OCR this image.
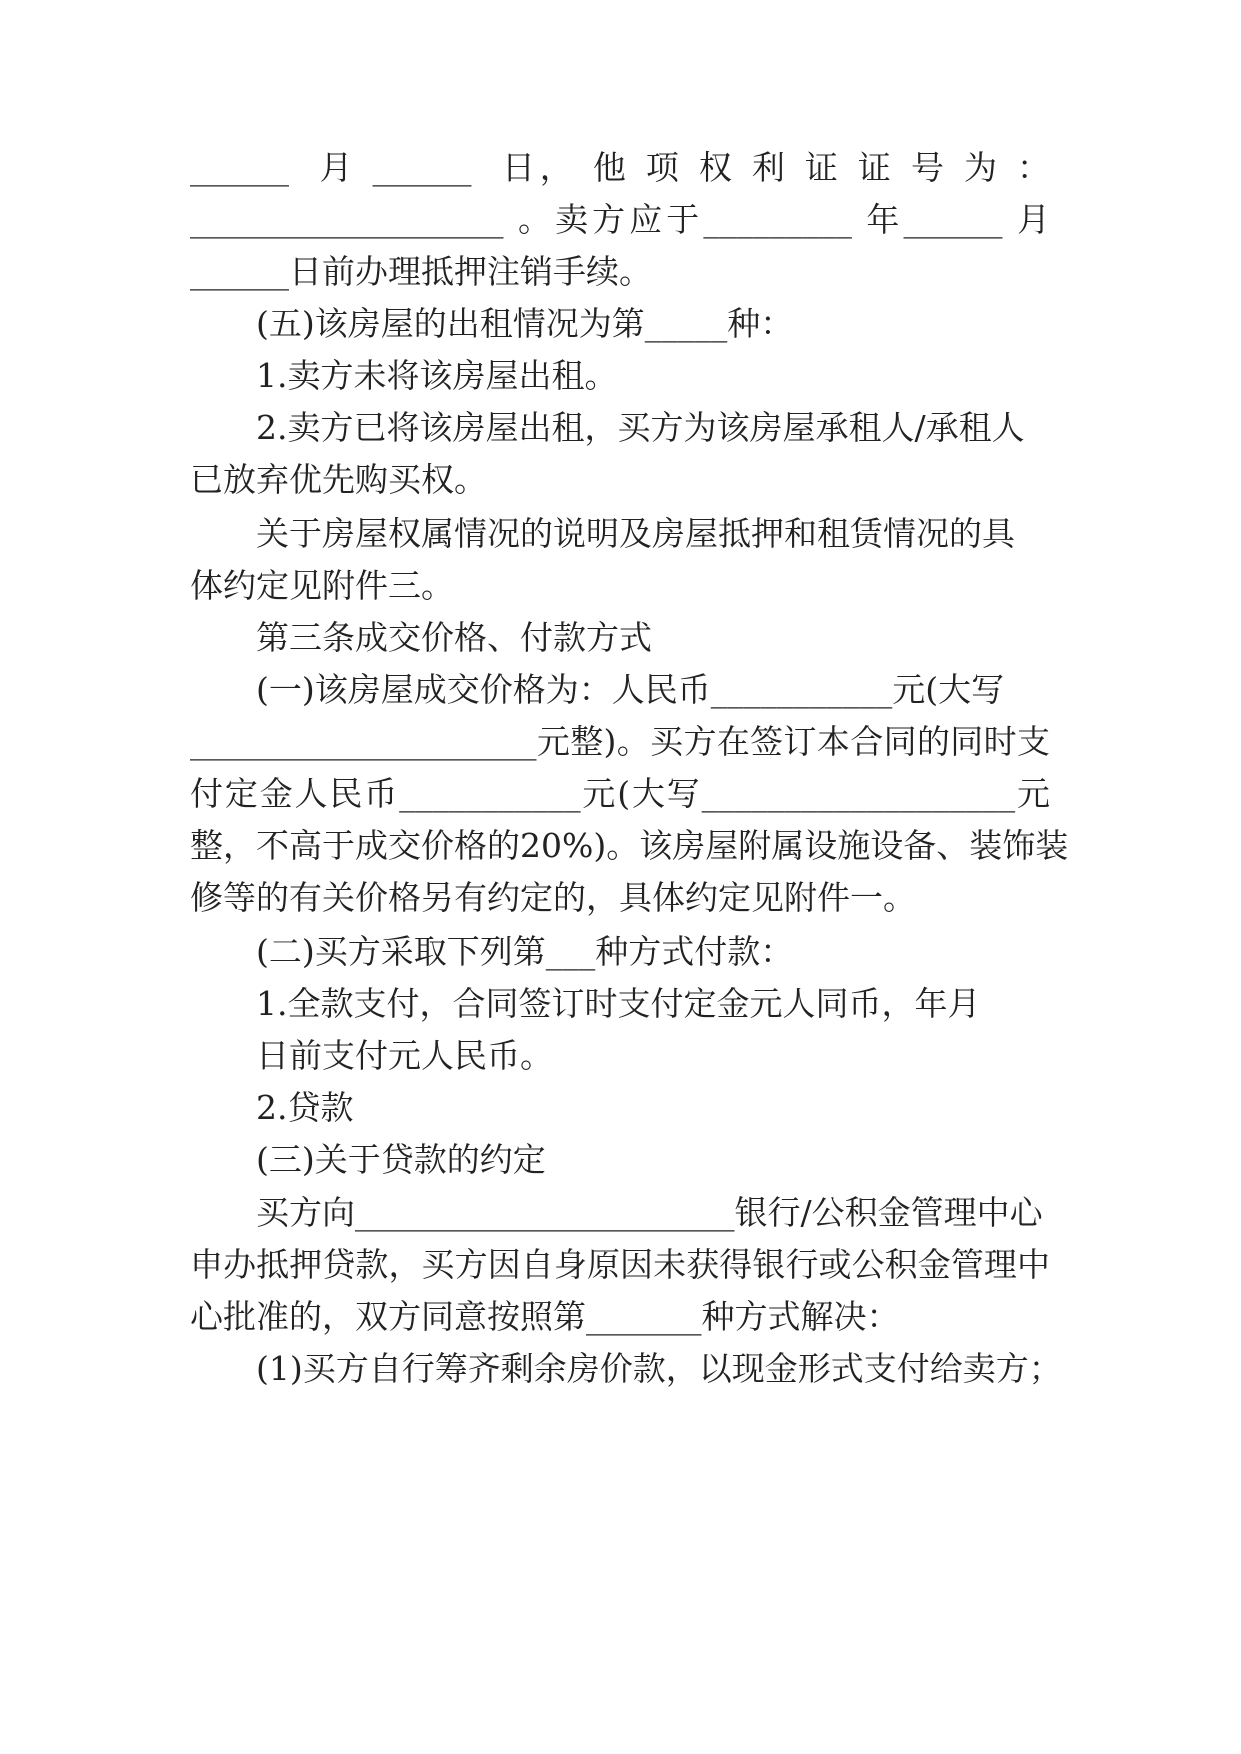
______  月 ______  日， 他 项 权 利 证 证 号 为 ：
___________________ 。卖方应于_________ 年______ 月
______日前办理抵押注销手续。
(五)该房屋的出租情况为第_____种：
1.卖方未将该房屋出租。
2.卖方已将该房屋出租，买方为该房屋承租人/承租人
已放弃优先购买权。
关于房屋权属情况的说明及房屋抵押和租赁情况的具
体约定见附件三。
第三条成交价格、付款方式
(一)该房屋成交价格为：人民币___________元(大写
_____________________元整)。买方在签订本合同的同时支
付定金人民币___________元(大写___________________元
整，不高于成交价格的20%)。该房屋附属设施设备、装饰装
修等的有关价格另有约定的，具体约定见附件一。
(二)买方采取下列第___种方式付款：
1.全款支付，合同签订时支付定金元人同币，年月
日前支付元人民币。
2.贷款
(三)关于贷款的约定
买方向_______________________银行/公积金管理中心
申办抵押贷款，买方因自身原因未获得银行或公积金管理中
心批准的，双方同意按照第_______种方式解决：
(1)买方自行筹齐剩余房价款，以现金形式支付给卖方；
